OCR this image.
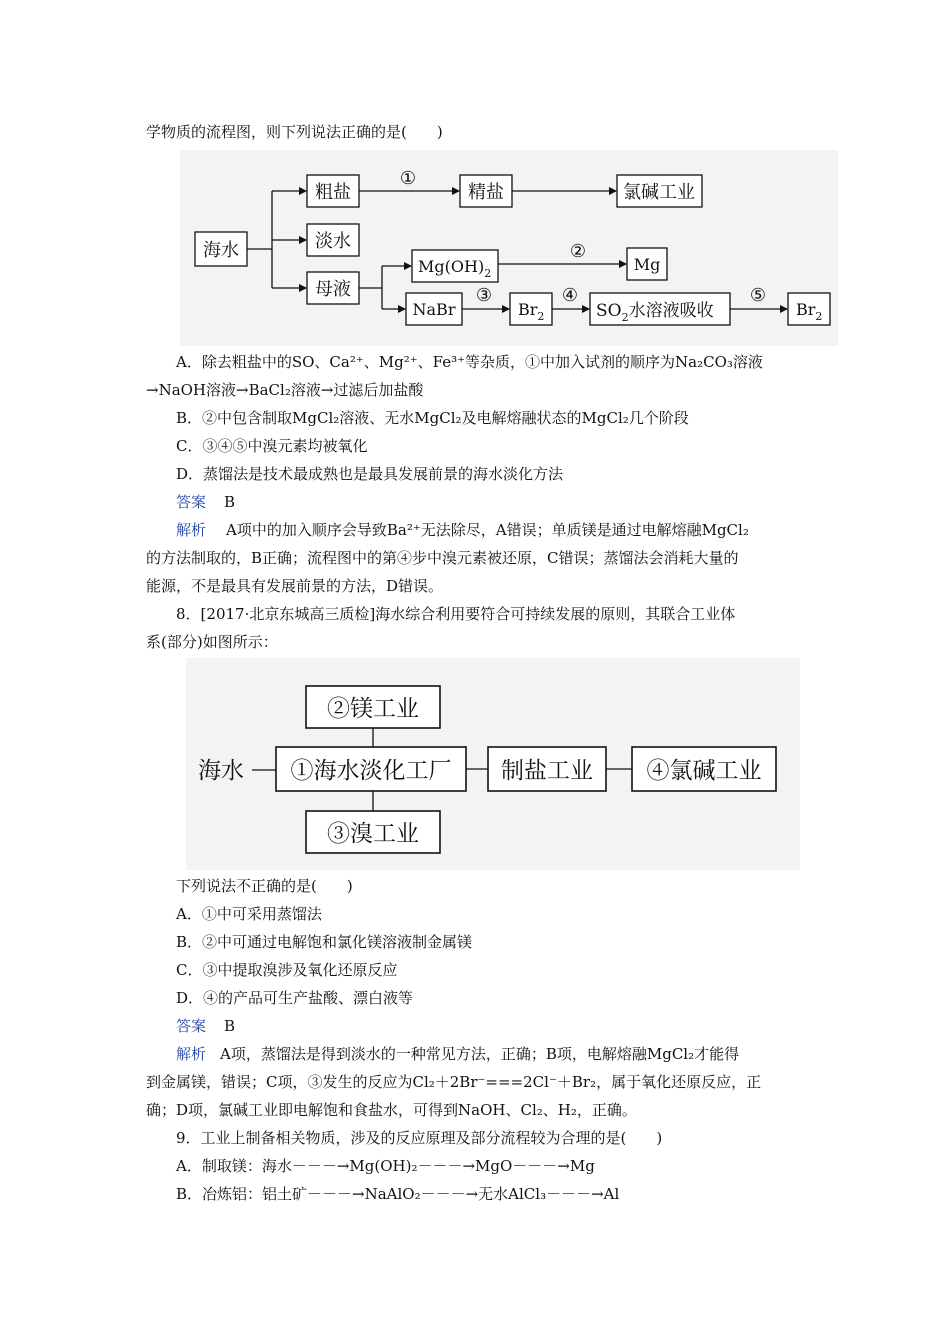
学物质的流程图，则下列说法正确的是(　　)
海水
粗盐	精盐	氯碱工业
淡水
母液
$Mg(OH)_2$	Mg
NaBr	$Br_2$	$SO_2$水溶液吸收	$Br_2$
①
②
③	④	⑤
A．除去粗盐中的SO、Ca²⁺、Mg²⁺、Fe³⁺等杂质，①中加入试剂的顺序为Na₂CO₃溶液
→NaOH溶液→BaCl₂溶液→过滤后加盐酸
B．②中包含制取MgCl₂溶液、无水MgCl₂及电解熔融状态的MgCl₂几个阶段
C．③④⑤中溴元素均被氧化
D．蒸馏法是技术最成熟也是最具发展前景的海水淡化方法
答案 B
解析 A项中的加入顺序会导致Ba²⁺无法除尽，A错误；单质镁是通过电解熔融MgCl₂
的方法制取的，B正确；流程图中的第④步中溴元素被还原，C错误；蒸馏法会消耗大量的
能源，不是最具有发展前景的方法，D错误。
8．[2017·北京东城高三质检]海水综合利用要符合可持续发展的原则，其联合工业体
系(部分)如图所示：
②镁工业
海水 ①海水淡化工厂 制盐工业 ④氯碱工业
③溴工业
下列说法不正确的是(　　)
A．①中可采用蒸馏法
B．②中可通过电解饱和氯化镁溶液制金属镁
C．③中提取溴涉及氧化还原反应
D．④的产品可生产盐酸、漂白液等
答案 B
解析 A项，蒸馏法是得到淡水的一种常见方法，正确；B项，电解熔融MgCl₂才能得
到金属镁，错误；C项，③发生的反应为Cl₂＋2Br⁻===2Cl⁻＋Br₂，属于氧化还原反应，正
确；D项，氯碱工业即电解饱和食盐水，可得到NaOH、Cl₂、H₂，正确。
9．工业上制备相关物质，涉及的反应原理及部分流程较为合理的是(　　)
A．制取镁：海水－－－→Mg(OH)₂－－－→MgO－－－→Mg
B．冶炼铝：铝土矿－－－→NaAlO₂－－－→无水AlCl₃－－－→Al
